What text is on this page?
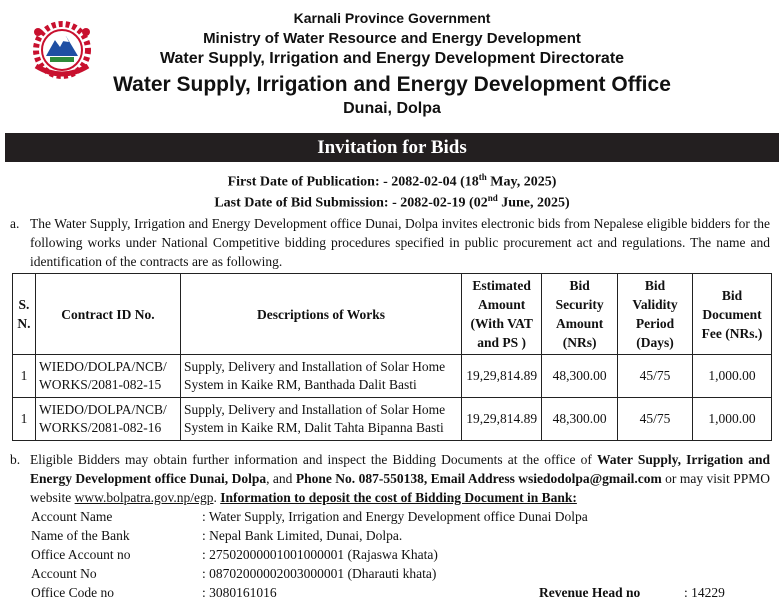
Karnali Province Government
Ministry of Water Resource and Energy Development
Water Supply, Irrigation and Energy Development Directorate
Water Supply, Irrigation and Energy Development Office
Dunai, Dolpa
Invitation for Bids
First Date of Publication: - 2082-02-04 (18th May, 2025)
Last Date of Bid Submission: - 2082-02-19 (02nd June, 2025)
a. The Water Supply, Irrigation and Energy Development office Dunai, Dolpa invites electronic bids from Nepalese eligible bidders for the following works under National Competitive bidding procedures specified in public procurement act and regulations. The name and identification of the contracts are as following.
S. N.	Contract ID No.	Descriptions of Works	Estimated Amount (With VAT and PS )	Bid Security Amount (NRs)	Bid Validity Period (Days)	Bid Document Fee (NRs.)
1	WIEDO/DOLPA/NCB/ WORKS/2081-082-15	Supply, Delivery and Installation of Solar Home System in Kaike RM, Banthada Dalit Basti	19,29,814.89	48,300.00	45/75	1,000.00
1	WIEDO/DOLPA/NCB/ WORKS/2081-082-16	Supply, Delivery and Installation of Solar Home System in Kaike RM, Dalit Tahta Bipanna Basti	19,29,814.89	48,300.00	45/75	1,000.00
b. Eligible Bidders may obtain further information and inspect the Bidding Documents at the office of Water Supply, Irrigation and Energy Development office Dunai, Dolpa, and Phone No. 087-550138, Email Address wsiedodolpa@gmail.com or may visit PPMO website www.bolpatra.gov.np/egp. Information to deposit the cost of Bidding Document in Bank:
Account Name	: Water Supply, Irrigation and Energy Development office Dunai Dolpa
Name of the Bank	: Nepal Bank Limited, Dunai, Dolpa.
Office Account no	: 27502000001001000001 (Rajaswa Khata)
Account No	: 08702000002003000001 (Dharauti khata)
Office Code no	: 3080161016	Revenue Head no	: 14229
